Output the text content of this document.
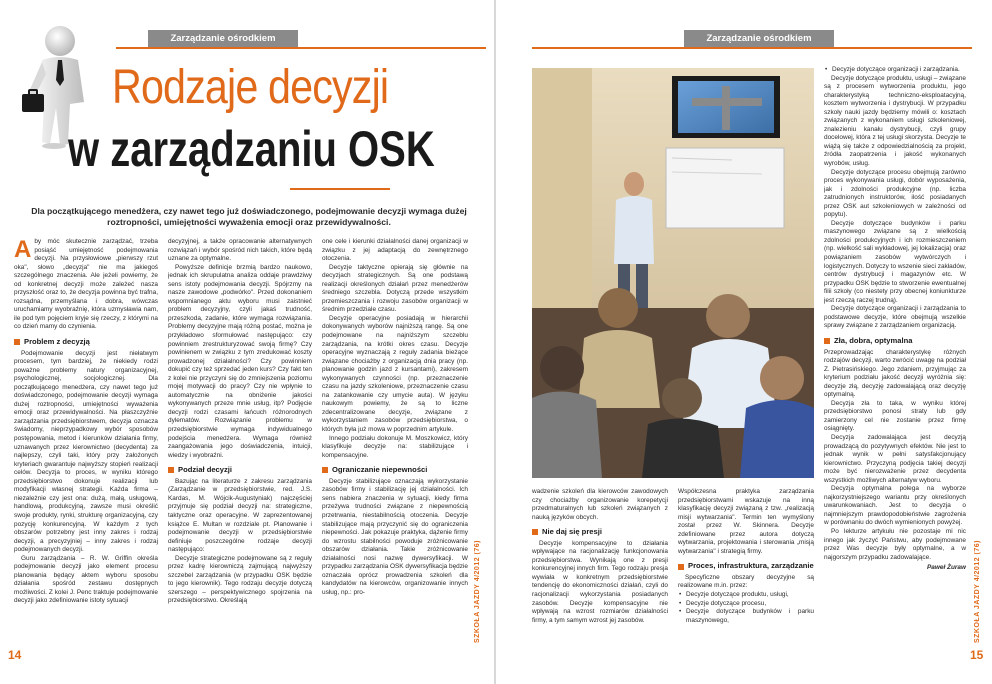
Zarządzanie ośrodkiem
Rodzaje decyzji
w zarządzaniu OSK
Dla początkującego menedżera, czy nawet tego już doświadczonego, podejmowanie decyzji wymaga dużej roztropności, umiejętności wyważenia emocji oraz przewidywalności.

Aby móc skutecznie zarządzać, trzeba posiąść umiejętność podejmowania decyzji. Na przysłowiowe „pierwszy rzut oka", słowo „decyzja" nie ma jakiegoś szczególnego znaczenia. Ale jeżeli powiemy, że od konkretnej decyzji może zależeć nasza przyszłość oraz to, że decyzja powinna być trafna, rozsądna, przemyślana i dobra, wówczas uruchamiamy wyobraźnię, która uzmysławia nam, ile pod tym pojęciem kryje się rzeczy, z którymi na co dzień mamy do czynienia.

Problem z decyzją

Podejmowanie decyzji jest niełatwym procesem, tym bardziej, że niekiedy rodzi poważne problemy natury organizacyjnej, psychologicznej, socjologicznej. Dla początkującego menedżera, czy nawet tego już doświadczonego, podejmowanie decyzji wymaga dużej roztropności, umiejętności wyważenia emocji oraz przewidywalności. Na płaszczyźnie zarządzania przedsiębiorstwem, decyzja oznacza świadomy, nieprzypadkowy wybór sposobów postępowania, metod i kierunków działania firmy, uznawanych przez kierownictwo (decydenta) za najlepszy, czyli taki, który przy założonych kryteriach gwarantuje najwyższy stopień realizacji celów. Decyzja to proces, w wyniku którego przedsiębiorstwo dokonuje realizacji lub modyfikacji własnej strategii. Każda firma – niezależnie czy jest ona: dużą, małą, usługową, handlową, produkcyjną, zawsze musi określić swoje produkty, rynki, strukturę organizacyjną, czy pozycję konkurencyjną. W każdym z tych obszarów potrzebny jest inny zakres i rodzaj decyzji, a precyzyjniej – inny zakres i rodzaj podejmowanych decyzji.

Guru zarządzania – R. W. Griffin określa podejmowanie decyzji jako element procesu planowania będący aktem wyboru sposobu działania spośród zestawu dostępnych możliwości. Z kolei J. Penc traktuje podejmowanie decyzji jako zdefiniowanie istoty sytuacji

decyzyjnej, a także opracowanie alternatywnych rozwiązań i wybór spośród nich takich, które będą uznane za optymalne.

Powyższe definicje brzmią bardzo naukowo, jednak ich skrupulatna analiza oddaje prawdziwy sens istoty podejmowania decyzji. Spójrzmy na nasze zawodowe „podwórko". Przed dokonaniem wspomnianego aktu wyboru musi zaistnieć problem decyzyjny, czyli jakaś trudność, przeszkoda, zadanie, które wymaga rozwiązania. Problemy decyzyjne mają różną postać, można je przykładowo sformułować następująco: czy powinniem zrestrukturyzować swoją firmę? Czy powinienem w związku z tym zredukować koszty prowadzonej działalności? Czy powinniem dokupić czy też sprzedać jeden kurs? Czy fakt ten z kolei nie przyczyni się do zmniejszenia poziomu mojej motywacji do pracy? Czy nie wpłynie to automatycznie na obniżenie jakości wykonywanych przeze mnie usług, itp? Podjęcie decyzji rodzi czasami łańcuch różnorodnych dylematów. Rozwiązanie problemu w przedsiębiorstwie wymaga indywidualnego podejścia menedżera. Wymaga również zaangażowania jego doświadczenia, intuicji, wiedzy i wyobraźni.

Podział decyzji

Bazując na literaturze z zakresu zarządzania (Zarządzanie w przedsiębiorstwie, red. J.S. Kardas, M. Wójcik-Augustyniak) najczęściej przyjmuje się podział decyzji na: strategiczne, taktyczne oraz operacyjne. W zaprezentowanej książce E. Multan w rozdziale pt. Planowanie i podejmowanie decyzji w przedsiębiorstwie definiuje poszczególne rodzaje decyzji następująco:

Decyzje strategiczne podejmowane są z reguły przez kadrę kierowniczą zajmującą najwyższy szczebel zarządzania (w przypadku OSK będzie to jego kierownik). Tego rodzaju decyzje dotyczą szerszego – perspektywicznego spojrzenia na przedsiębiorstwo. Określają

one cele i kierunki działalności danej organizacji w związku z jej adaptacją do zewnętrznego otoczenia.

Decyzje taktyczne opierają się głównie na decyzjach strategicznych. Są one podstawą realizacji określonych działań przez menedżerów średniego szczebla. Dotyczą przede wszystkim przemieszczania i rozwoju zasobów organizacji w średnim przedziale czasu.

Decyzje operacyjne posiadają w hierarchii dokonywanych wyborów najniższą rangę. Są one podejmowane na najniższym szczeblu zarządzania, na krótki okres czasu. Decyzje operacyjne wyznaczają z reguły zadania bieżące związane chociażby z organizacją dnia pracy (np. planowanie godzin jazd z kursantami), zakresem wykonywanych czynności (np. przeznaczenie czasu na jazdy szkoleniowe, przeznaczenie czasu na zatankowanie czy umycie auta). W języku naukowym powiemy, że są to liczne zdecentralizowane decyzje, związane z wykorzystaniem zasobów przedsiębiorstwa, o których była już mowa w poprzednim artykule.

Innego podziału dokonuje M. Moszkowicz, który klasyfikuje decyzje na: stabilizujące i kompensacyjne.

Ograniczanie niepewności

Decyzje stabilizujące oznaczają wykorzystanie zasobów firmy i stabilizację jej działalności. Ich sens nabiera znaczenia w sytuacji, kiedy firma przeżywa trudności związane z niepewnością przetrwania, niestabilnością otoczenia. Decyzje stabilizujące mają przyczynić się do ograniczenia niepewności. Jak pokazuje praktyka, dążenie firmy do wzrostu stabilności powoduje zróżnicowanie obszarów działania. Takie zróżnicowanie działalności nosi nazwę dywersyfikacji. W przypadku zarządzania OSK dywersyfikacja będzie oznaczała oprócz prowadzenia szkoleń dla kandydatów na kierowców, organizowanie innych usług, np.: pro-	SZKOŁA JAZDY 4/2012 (76)
14
Zarządzanie ośrodkiem

wadzenie szkoleń dla kierowców zawodowych czy chociażby organizowanie korepetycji przedmaturalnych lub szkoleń związanych z nauką języków obcych.

Nie daj się presji

Decyzje kompensacyjne to działania wpływające na racjonalizację funkcjonowania przedsiębiorstwa. Wynikają one z presji konkurencyjnej innych firm. Tego rodzaju presja wywiała w konkretnym przedsiębiorstwie tendencję do ekonomiczności działań, czyli do racjonalizacji wykorzystania posiadanych zasobów. Decyzje kompensacyjne nie wpływają na wzrost rozmiarów działalności firmy, a tym samym wzrost jej zasobów.

Współczesna praktyka zarządzania przedsiębiorstwami wskazuje na inną klasyfikację decyzji związaną z tzw. „realizacją misji wytwarzania". Termin ten wymyślony został przez W. Skinnera. Decyzje zdefiniowane przez autora dotyczą wytwarzania, projektowania i sterowania „misją wytwarzania" i strategią firmy.

Proces, infrastruktura, zarządzanie

Specyficzne obszary decyzyjne są realizowane m.in. przez:

• Decyzje dotyczące produktu, usługi,
• Decyzje dotyczące procesu,
• Decyzje dotyczące budynków i parku maszynowego,
• Decyzje dotyczące organizacji i zarządzania.

Decyzje dotyczące produktu, usługi – związane są z procesem wytworzenia produktu, jego charakterystyką techniczno-eksploatacyjną, kosztem wytworzenia i dystrybucji. W przypadku szkoły nauki jazdy będziemy mówili o: kosztach związanych z wykonaniem usługi szkoleniowej, znalezieniu kanału dystrybucji, czyli grupy docelowej, która z tej usługi skorzysta. Decyzje te wiążą się także z odpowiedzialnością za projekt, źródła zaopatrzenia i jakość wykonanych wyrobów, usług.

Decyzje dotyczące procesu obejmują zarówno proces wykonywania usługi, dobór wyposażenia, jak i zdolności produkcyjne (np. liczba zatrudnionych instruktorów, ilość posiadanych przez OSK aut szkoleniowych w zależności od popytu).

Decyzje dotyczące budynków i parku maszynowego związane są z wielkością zdolności produkcyjnych i ich rozmieszczeniem (np. wielkość sali wykładowej, jej lokalizacja) oraz powiązaniem zasobów wytwórczych i logistycznych. Dotyczy to wszenie sieci zakładów, centrów dystrybucji i magazynów etc. W przypadku OSK będzie to stworzenie ewentualnej filii szkoły (co niestety przy obecnej koniunkturze jest rzeczą raczej trudną).

Decyzje dotyczące organizacji i zarządzania to podstawowe decyzje, które obejmują wszelkie sprawy związane z zarządzaniem organizacją.

Zła, dobra, optymalna

Przeprowadzając charakterystykę różnych rodzajów decyzji, warto zwrócić uwagę na podział Z. Pietrasińskiego. Jego zdaniem, przyjmując za kryterium podziału jakość decyzji wyróżnia się: decyzje złą, decyzję zadowalającą oraz decyzję optymalną.

Decyzja zła to taka, w wyniku której przedsiębiorstwo ponosi straty lub gdy zamierzony cel nie zostanie przez firmę osiągnięty.

Decyzja zadowalająca jest decyzją prowadzącą do pozytywnych efektów. Nie jest to jednak wynik w pełni satysfakcjonujący kierownictwo. Przyczyną podjęcia takiej decyzji może być nierozważenie przez decydenta wszystkich możliwych alternatyw wyboru.

Decyzja optymalna polega na wyborze najkorzystniejszego wariantu przy określonych uwarunkowaniach. Jest to decyzja o najmniejszym prawdopodobieństwie zagrożenia w porównaniu do dwóch wymienionych powyżej.

Po lekturze artykułu nie pozostaje mi nic innego jak życzyć Państwu, aby podejmowane przez Was decyzje były optymalne, a w najgorszym przypadku zadowalające.

Paweł Żuraw SZKOŁA JAZDY 4/2012 (76)
15
